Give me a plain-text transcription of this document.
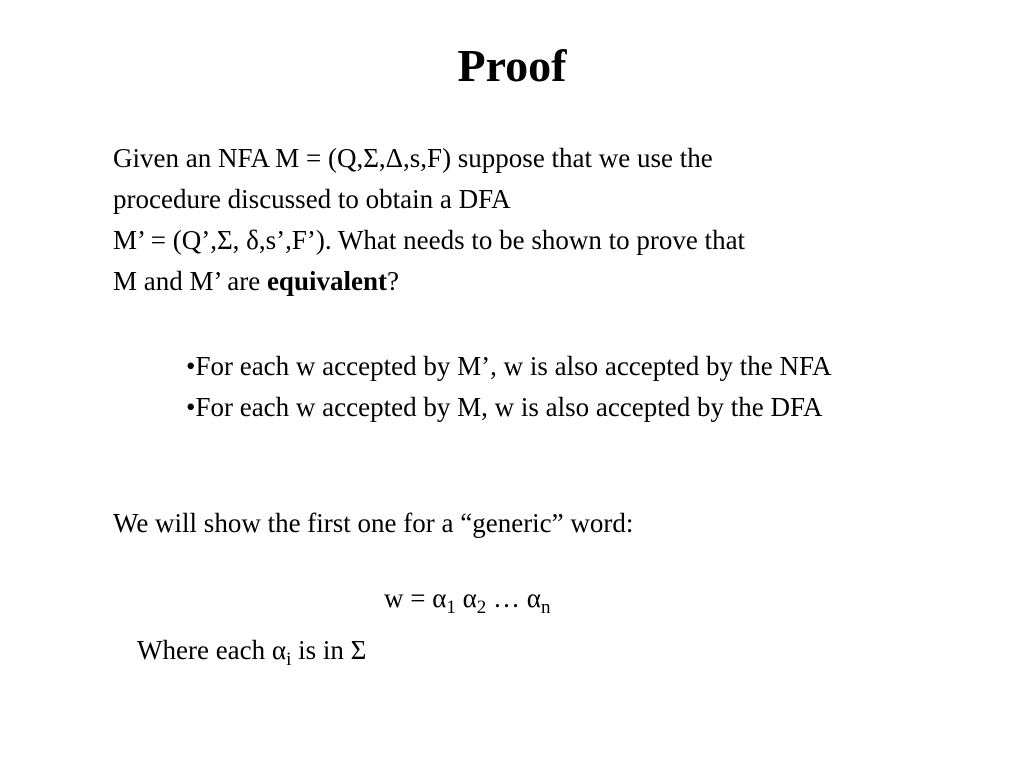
Proof

Given an NFA M = (Q,Σ,Δ,s,F) suppose that we use the
procedure discussed to obtain a DFA
M’ = (Q’,Σ, δ,s’,F’). What needs to be shown to prove that
M and M’ are equivalent?

•For each w accepted by M’, w is also accepted by the NFA
•For each w accepted by M, w is also accepted by the DFA

We will show the first one for a “generic” word:

$w = \alpha_1$ $\alpha_2$ … $\alpha_n$

Where each $\alpha_i$ is in Σ
